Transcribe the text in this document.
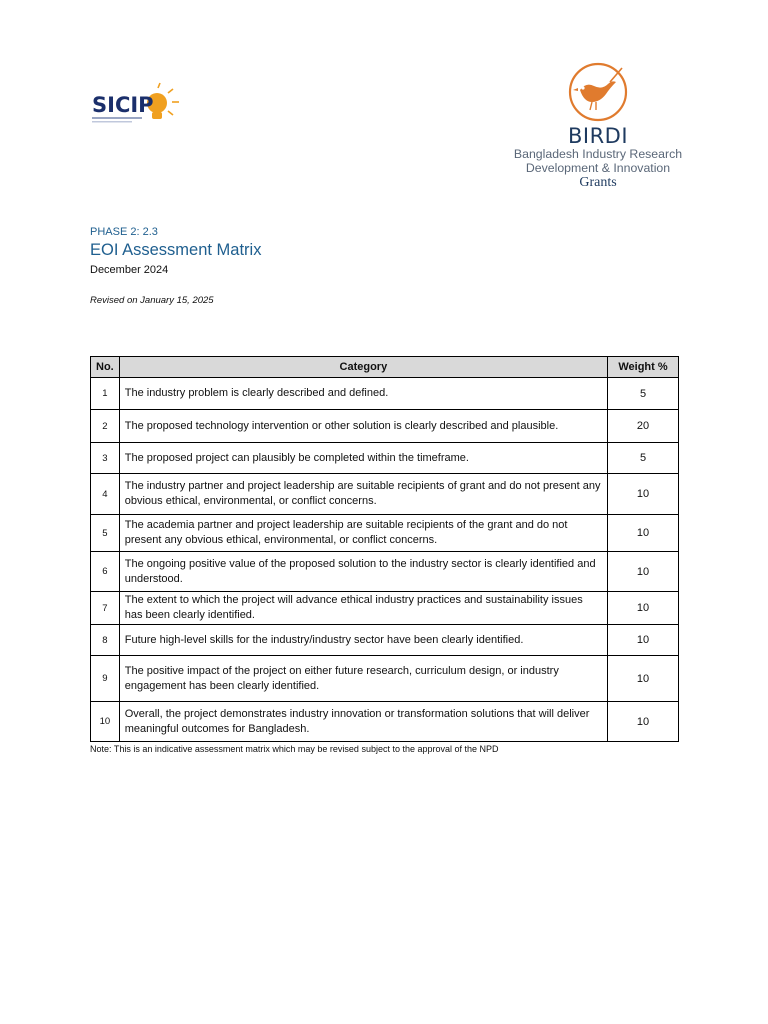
SICIP
BIRDI
Bangladesh Industry Research
Development & Innovation
Grants
PHASE 2: 2.3
EOI Assessment Matrix
December 2024
Revised on January 15, 2025
No.	Category	Weight %
1	The industry problem is clearly described and defined.	5
2	The proposed technology intervention or other solution is clearly described and plausible.	20
3	The proposed project can plausibly be completed within the timeframe.	5
4	The industry partner and project leadership are suitable recipients of grant and do not present any obvious ethical, environmental, or conflict concerns.	10
5	The academia partner and project leadership are suitable recipients of the grant and do not present any obvious ethical, environmental, or conflict concerns.	10
6	The ongoing positive value of the proposed solution to the industry sector is clearly identified and understood.	10
7	The extent to which the project will advance ethical industry practices and sustainability issues has been clearly identified.	10
8	Future high-level skills for the industry/industry sector have been clearly identified.	10
9	The positive impact of the project on either future research, curriculum design, or industry engagement has been clearly identified.	10
10	Overall, the project demonstrates industry innovation or transformation solutions that will deliver meaningful outcomes for Bangladesh.	10
Note: This is an indicative assessment matrix which may be revised subject to the approval of the NPD
